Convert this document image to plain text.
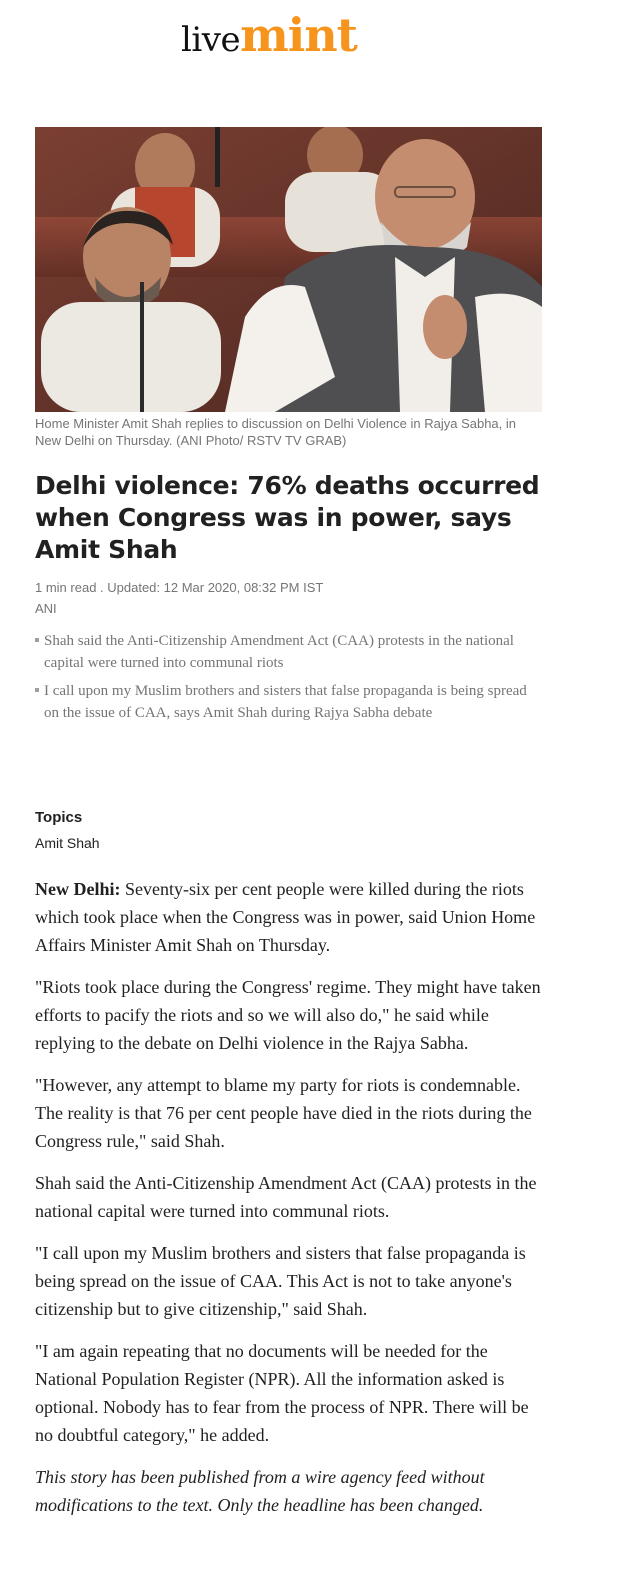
livemint
Home Minister Amit Shah replies to discussion on Delhi Violence in Rajya Sabha, in New Delhi on Thursday. (ANI Photo/ RSTV TV GRAB)
Delhi violence: 76% deaths occurred when Congress was in power, says Amit Shah
1 min read . Updated: 12 Mar 2020, 08:32 PM IST
ANI
Shah said the Anti-Citizenship Amendment Act (CAA) protests in the national capital were turned into communal riots
I call upon my Muslim brothers and sisters that false propaganda is being spread on the issue of CAA, says Amit Shah during Rajya Sabha debate
Topics
Amit Shah

New Delhi: Seventy-six per cent people were killed during the riots which took place when the Congress was in power, said Union Home Affairs Minister Amit Shah on Thursday.

"Riots took place during the Congress' regime. They might have taken efforts to pacify the riots and so we will also do," he said while replying to the debate on Delhi violence in the Rajya Sabha.

"However, any attempt to blame my party for riots is condemnable. The reality is that 76 per cent people have died in the riots during the Congress rule," said Shah.

Shah said the Anti-Citizenship Amendment Act (CAA) protests in the national capital were turned into communal riots.

"I call upon my Muslim brothers and sisters that false propaganda is being spread on the issue of CAA. This Act is not to take anyone's citizenship but to give citizenship," said Shah.

"I am again repeating that no documents will be needed for the National Population Register (NPR). All the information asked is optional. Nobody has to fear from the process of NPR. There will be no doubtful category," he added.

This story has been published from a wire agency feed without modifications to the text. Only the headline has been changed.
